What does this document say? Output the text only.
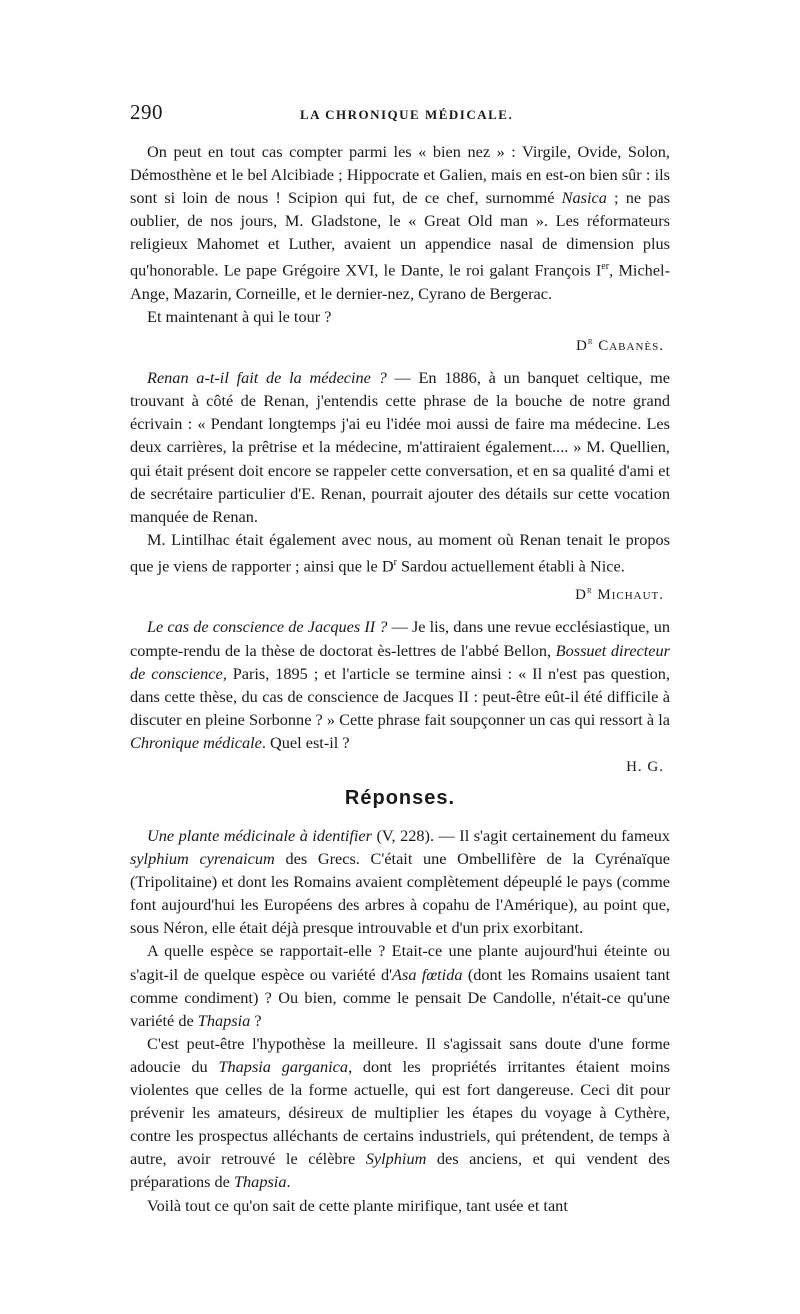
290	LA CHRONIQUE MÉDICALE.

On peut en tout cas compter parmi les « bien nez » : Virgile, Ovide, Solon, Démosthène et le bel Alcibiade ; Hippocrate et Galien, mais en est-on bien sûr : ils sont si loin de nous ! Scipion qui fut, de ce chef, surnommé Nasica ; ne pas oublier, de nos jours, M. Gladstone, le « Great Old man ». Les réformateurs religieux Mahomet et Luther, avaient un appendice nasal de dimension plus qu'honorable. Le pape Grégoire XVI, le Dante, le roi galant François Ier, Michel-Ange, Mazarin, Corneille, et le dernier-nez, Cyrano de Bergerac.

Et maintenant à qui le tour ?

$D^r$ Cabanès.

Renan a-t-il fait de la médecine ? — En 1886, à un banquet celtique, me trouvant à côté de Renan, j'entendis cette phrase de la bouche de notre grand écrivain : « Pendant longtemps j'ai eu l'idée moi aussi de faire ma médecine. Les deux carrières, la prêtrise et la médecine, m'attiraient également.... » M. Quellien, qui était présent doit encore se rappeler cette conversation, et en sa qualité d'ami et de secrétaire particulier d'E. Renan, pourrait ajouter des détails sur cette vocation manquée de Renan.

M. Lintilhac était également avec nous, au moment où Renan tenait le propos que je viens de rapporter ; ainsi que le $D^r$ Sardou actuellement établi à Nice.

$D^r$ Michaut.

Le cas de conscience de Jacques II ? — Je lis, dans une revue ecclésiastique, un compte-rendu de la thèse de doctorat ès-lettres de l'abbé Bellon, Bossuet directeur de conscience, Paris, 1895 ; et l'article se termine ainsi : « Il n'est pas question, dans cette thèse, du cas de conscience de Jacques II : peut-être eût-il été difficile à discuter en pleine Sorbonne ? » Cette phrase fait soupçonner un cas qui ressort à la Chronique médicale. Quel est-il ?

H. G.
Réponses.

Une plante médicinale à identifier (V, 228). — Il s'agit certainement du fameux sylphium cyrenaicum des Grecs. C'était une Ombellifère de la Cyrénaïque (Tripolitaine) et dont les Romains avaient complètement dépeuplé le pays (comme font aujourd'hui les Européens des arbres à copahu de l'Amérique), au point que, sous Néron, elle était déjà presque introuvable et d'un prix exorbitant.

A quelle espèce se rapportait-elle ? Etait-ce une plante aujourd'hui éteinte ou s'agit-il de quelque espèce ou variété d'Asa fœtida (dont les Romains usaient tant comme condiment) ? Ou bien, comme le pensait De Candolle, n'était-ce qu'une variété de Thapsia ?

C'est peut-être l'hypothèse la meilleure. Il s'agissait sans doute d'une forme adoucie du Thapsia garganica, dont les propriétés irritantes étaient moins violentes que celles de la forme actuelle, qui est fort dangereuse. Ceci dit pour prévenir les amateurs, désireux de multiplier les étapes du voyage à Cythère, contre les prospectus alléchants de certains industriels, qui prétendent, de temps à autre, avoir retrouvé le célèbre Sylphium des anciens, et qui vendent des préparations de Thapsia.

Voilà tout ce qu'on sait de cette plante mirifique, tant usée et tant
